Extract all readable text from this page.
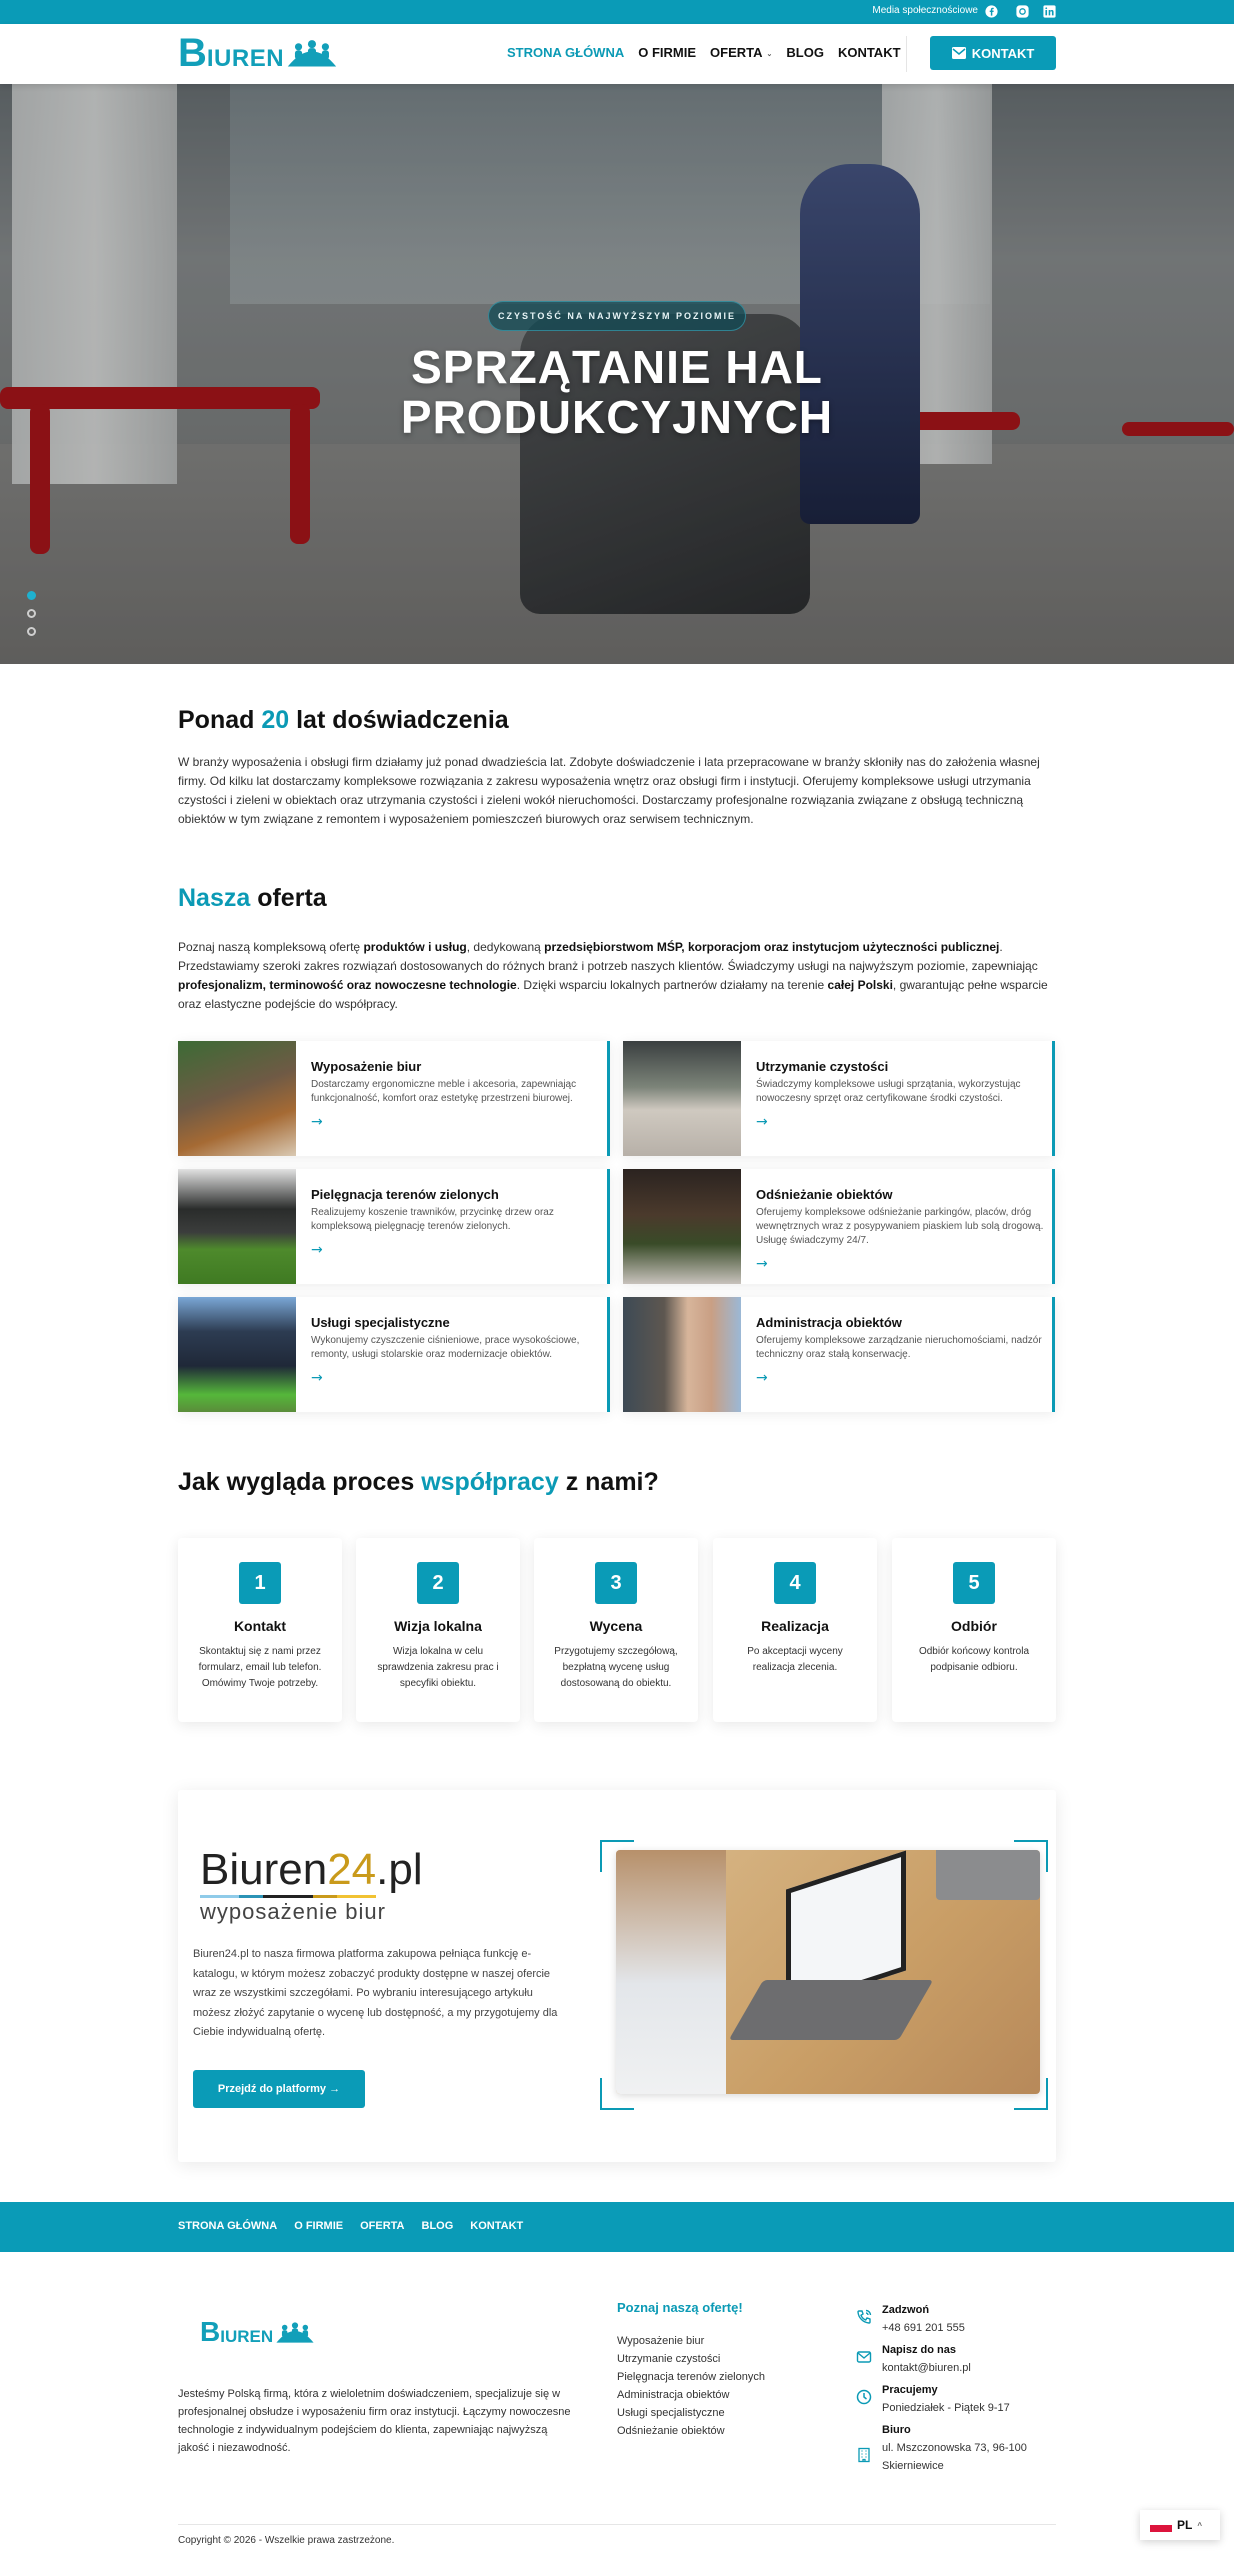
Media społecznościowe
B IUREN	STRONA GŁÓWNA O FIRMIE OFERTA ⌄ BLOG KONTAKT	KONTAKT
CZYSTOŚĆ NA NAJWYŻSZYM POZIOMIE
SPRZĄTANIE HAL
PRODUKCYJNYCH
Ponad 20 lat doświadczenia

W branży wyposażenia i obsługi firm działamy już ponad dwadzieścia lat. Zdobyte doświadczenie i lata przepracowane w branży skłoniły nas do założenia własnej firmy. Od kilku lat dostarczamy kompleksowe rozwiązania z zakresu wyposażenia wnętrz oraz obsługi firm i instytucji. Oferujemy kompleksowe usługi utrzymania czystości i zieleni w obiektach oraz utrzymania czystości i zieleni wokół nieruchomości. Dostarczamy profesjonalne rozwiązania związane z obsługą techniczną obiektów w tym związane z remontem i wyposażeniem pomieszczeń biurowych oraz serwisem technicznym.

Nasza oferta

Poznaj naszą kompleksową ofertę produktów i usług, dedykowaną przedsiębiorstwom MŚP, korporacjom oraz instytucjom użyteczności publicznej. Przedstawiamy szeroki zakres rozwiązań dostosowanych do różnych branż i potrzeb naszych klientów. Świadczymy usługi na najwyższym poziomie, zapewniając profesjonalizm, terminowość oraz nowoczesne technologie. Dzięki wsparciu lokalnych partnerów działamy na terenie całej Polski, gwarantując pełne wsparcie oraz elastyczne podejście do współpracy.

Wyposażenie biur
Dostarczamy ergonomiczne meble i akcesoria, zapewniając funkcjonalność, komfort oraz estetykę przestrzeni biurowej.
→
Utrzymanie czystości
Świadczymy kompleksowe usługi sprzątania, wykorzystując nowoczesny sprzęt oraz certyfikowane środki czystości.
→
Pielęgnacja terenów zielonych
Realizujemy koszenie trawników, przycinkę drzew oraz kompleksową pielęgnację terenów zielonych.
→
Odśnieżanie obiektów
Oferujemy kompleksowe odśnieżanie parkingów, placów, dróg wewnętrznych wraz z posypywaniem piaskiem lub solą drogową. Usługę świadczymy 24/7.
→
Usługi specjalistyczne
Wykonujemy czyszczenie ciśnieniowe, prace wysokościowe, remonty, usługi stolarskie oraz modernizacje obiektów.
→
Administracja obiektów
Oferujemy kompleksowe zarządzanie nieruchomościami, nadzór techniczny oraz stałą konserwację.
→
Jak wygląda proces współpracy z nami?
1
Kontakt
Skontaktuj się z nami przez formularz, email lub telefon. Omówimy Twoje potrzeby.
2
Wizja lokalna
Wizja lokalna w celu sprawdzenia zakresu prac i specyfiki obiektu.
3
Wycena
Przygotujemy szczegółową, bezpłatną wycenę usług dostosowaną do obiektu.
4
Realizacja
Po akceptacji wyceny realizacja zlecenia.
5
Odbiór
Odbiór końcowy kontrola podpisanie odbioru.
Biuren24.pl
wyposażenie biur

Biuren24.pl to nasza firmowa platforma zakupowa pełniąca funkcję e-katalogu, w którym możesz zobaczyć produkty dostępne w naszej ofercie wraz ze wszystkimi szczegółami. Po wybraniu interesującego artykułu możesz złożyć zapytanie o wycenę lub dostępność, a my przygotujemy dla Ciebie indywidualną ofertę.

Przejdź do platformy →
STRONA GŁÓWNA O FIRMIE OFERTA BLOG KONTAKT
B IUREN

Jesteśmy Polską firmą, która z wieloletnim doświadczeniem, specjalizuje się w profesjonalnej obsłudze i wyposażeniu firm oraz instytucji. Łączymy nowoczesne technologie z indywidualnym podejściem do klienta, zapewniając najwyższą jakość i niezawodność.

Poznaj naszą ofertę!
Wyposażenie biur
Utrzymanie czystości
Pielęgnacja terenów zielonych
Administracja obiektów
Usługi specjalistyczne
Odśnieżanie obiektów
Zadzwoń
+48 691 201 555
Napisz do nas
kontakt@biuren.pl
Pracujemy
Poniedziałek - Piątek 9-17
Biuro
ul. Mszczonowska 73, 96-100 Skierniewice
Copyright © 2026 - Wszelkie prawa zastrzeżone.
PL ^
